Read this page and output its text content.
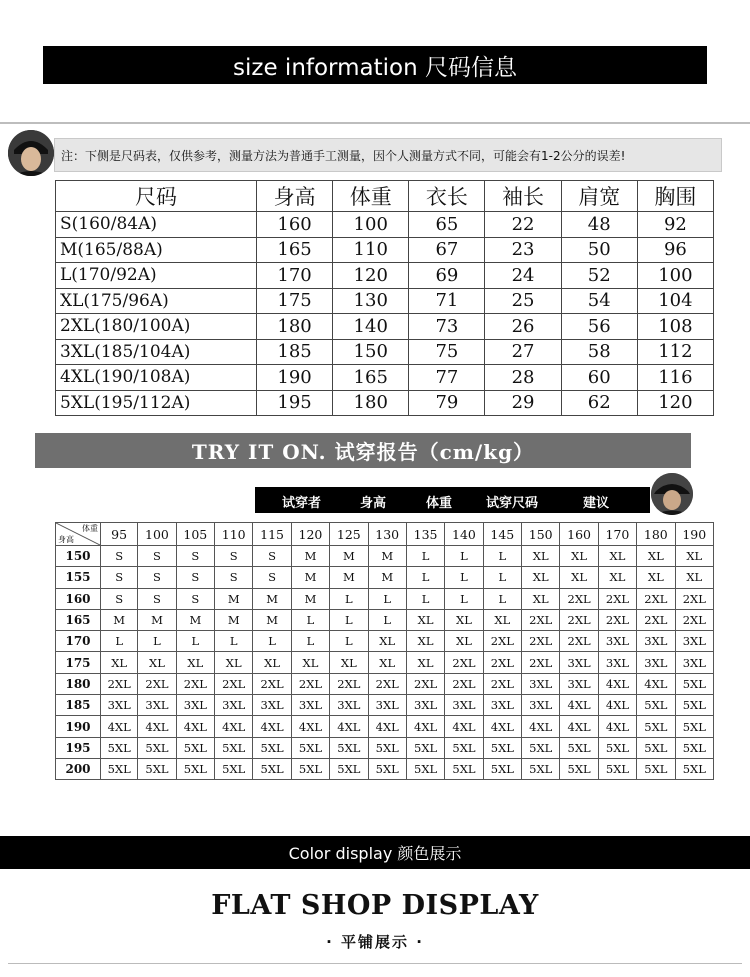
size information 尺码信息
注：下侧是尺码表，仅供参考，测量方法为普通手工测量，因个人测量方式不同，可能会有1-2公分的误差!
尺码	身高	体重	衣长	袖长	肩宽	胸围
S(160/84A)	160	100	65	22	48	92
M(165/88A)	165	110	67	23	50	96
L(170/92A)	170	120	69	24	52	100
XL(175/96A)	175	130	71	25	54	104
2XL(180/100A)	180	140	73	26	56	108
3XL(185/104A)	185	150	75	27	58	112
4XL(190/108A)	190	165	77	28	60	116
5XL(195/112A)	195	180	79	29	62	120
TRY IT ON. 试穿报告（cm/kg）
试穿者	身高	体重	试穿尺码	建议
体重
身高	95	100	105	110	115	120	125	130	135	140	145	150	160	170	180	190
150	S	S	S	S	S	M	M	M	L	L	L	XL	XL	XL	XL	XL
155	S	S	S	S	S	M	M	M	L	L	L	XL	XL	XL	XL	XL
160	S	S	S	M	M	M	L	L	L	L	L	XL	2XL	2XL	2XL	2XL
165	M	M	M	M	M	L	L	L	XL	XL	XL	2XL	2XL	2XL	2XL	2XL
170	L	L	L	L	L	L	L	XL	XL	XL	2XL	2XL	2XL	3XL	3XL	3XL
175	XL	XL	XL	XL	XL	XL	XL	XL	XL	2XL	2XL	2XL	3XL	3XL	3XL	3XL
180	2XL	2XL	2XL	2XL	2XL	2XL	2XL	2XL	2XL	2XL	2XL	3XL	3XL	4XL	4XL	5XL
185	3XL	3XL	3XL	3XL	3XL	3XL	3XL	3XL	3XL	3XL	3XL	3XL	4XL	4XL	5XL	5XL
190	4XL	4XL	4XL	4XL	4XL	4XL	4XL	4XL	4XL	4XL	4XL	4XL	4XL	4XL	5XL	5XL
195	5XL	5XL	5XL	5XL	5XL	5XL	5XL	5XL	5XL	5XL	5XL	5XL	5XL	5XL	5XL	5XL
200	5XL	5XL	5XL	5XL	5XL	5XL	5XL	5XL	5XL	5XL	5XL	5XL	5XL	5XL	5XL	5XL
Color display 颜色展示
FLAT SHOP DISPLAY
· 平铺展示 ·
